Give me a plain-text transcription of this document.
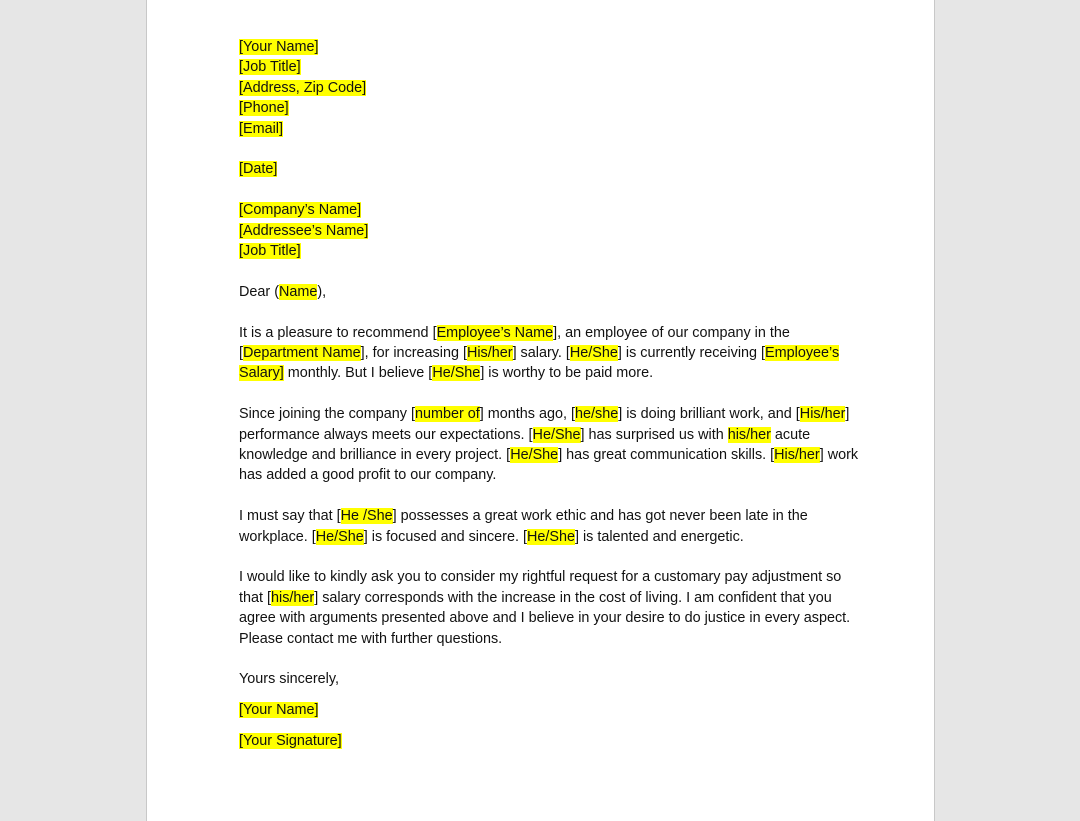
[Your Name]
[Job Title]
[Address, Zip Code]
[Phone]
[Email]
[Date]
[Company’s Name]
[Addressee’s Name]
[Job Title]

Dear (Name),

It is a pleasure to recommend [Employee’s Name], an employee of our company in the [Department Name], for increasing [His/her] salary. [He/She] is currently receiving [Employee’s Salary] monthly. But I believe [He/She] is worthy to be paid more.

Since joining the company [number of] months ago, [he/she] is doing brilliant work, and [His/her] performance always meets our expectations. [He/She] has surprised us with his/her acute knowledge and brilliance in every project. [He/She] has great communication skills. [His/her] work has added a good profit to our company.

I must say that [He /She] possesses a great work ethic and has got never been late in the workplace. [He/She] is focused and sincere. [He/She] is talented and energetic.

I would like to kindly ask you to consider my rightful request for a customary pay adjustment so that [his/her] salary corresponds with the increase in the cost of living. I am confident that you agree with arguments presented above and I believe in your desire to do justice in every aspect. Please contact me with further questions.

Yours sincerely,

[Your Name]

[Your Signature]
